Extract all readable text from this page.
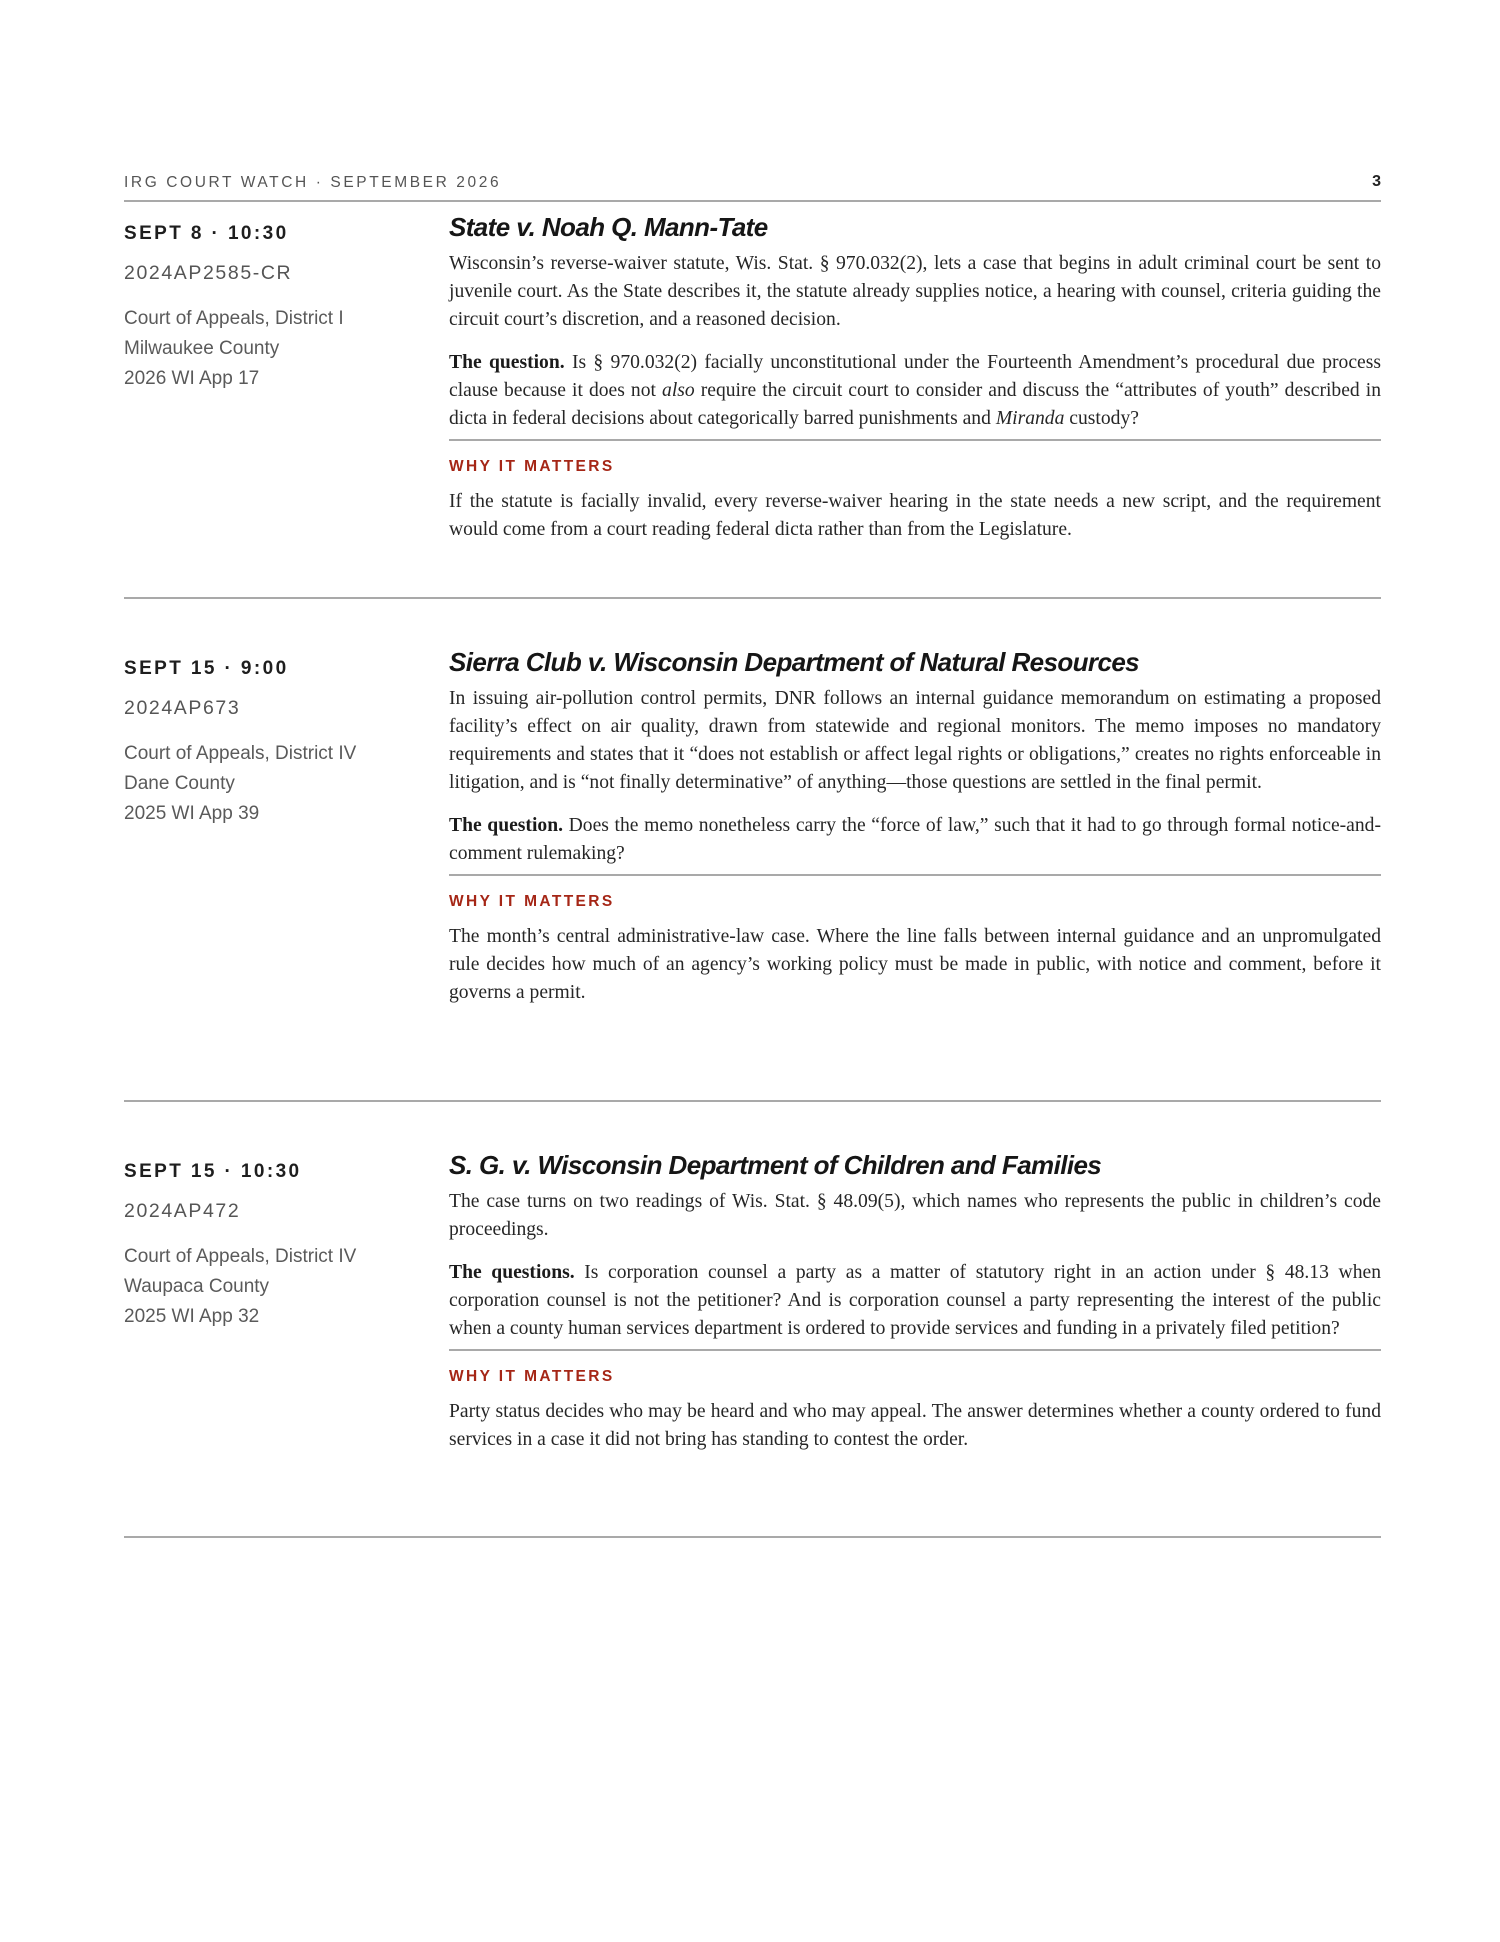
IRG COURT WATCH · SEPTEMBER 2026	3
SEPT 8 · 10:30
2024AP2585-CR
Court of Appeals, District I
Milwaukee County
2026 WI App 17
State v. Noah Q. Mann-Tate

Wisconsin’s reverse-waiver statute, Wis. Stat. § 970.032(2), lets a case that begins in adult criminal court be sent to juvenile court. As the State describes it, the statute already supplies notice, a hearing with counsel, criteria guiding the circuit court’s discretion, and a reasoned decision.

The question. Is § 970.032(2) facially unconstitutional under the Fourteenth Amendment’s procedural due process clause because it does not also require the circuit court to consider and discuss the “attributes of youth” described in dicta in federal decisions about categorically barred punishments and Miranda custody?

WHY IT MATTERS

If the statute is facially invalid, every reverse-waiver hearing in the state needs a new script, and the requirement would come from a court reading federal dicta rather than from the Legislature.

SEPT 15 · 9:00
2024AP673
Court of Appeals, District IV
Dane County
2025 WI App 39
Sierra Club v. Wisconsin Department of Natural Resources

In issuing air-pollution control permits, DNR follows an internal guidance memorandum on estimating a proposed facility’s effect on air quality, drawn from statewide and regional monitors. The memo imposes no mandatory requirements and states that it “does not establish or affect legal rights or obligations,” creates no rights enforceable in litigation, and is “not finally determinative” of anything—those questions are settled in the final permit.

The question. Does the memo nonetheless carry the “force of law,” such that it had to go through formal notice-and-comment rulemaking?

WHY IT MATTERS

The month’s central administrative-law case. Where the line falls between internal guidance and an unpromulgated rule decides how much of an agency’s working policy must be made in public, with notice and comment, before it governs a permit.

SEPT 15 · 10:30
2024AP472
Court of Appeals, District IV
Waupaca County
2025 WI App 32
S. G. v. Wisconsin Department of Children and Families

The case turns on two readings of Wis. Stat. § 48.09(5), which names who represents the public in children’s code proceedings.

The questions. Is corporation counsel a party as a matter of statutory right in an action under § 48.13 when corporation counsel is not the petitioner? And is corporation counsel a party representing the interest of the public when a county human services department is ordered to provide services and funding in a privately filed petition?

WHY IT MATTERS

Party status decides who may be heard and who may appeal. The answer determines whether a county ordered to fund services in a case it did not bring has standing to contest the order.
